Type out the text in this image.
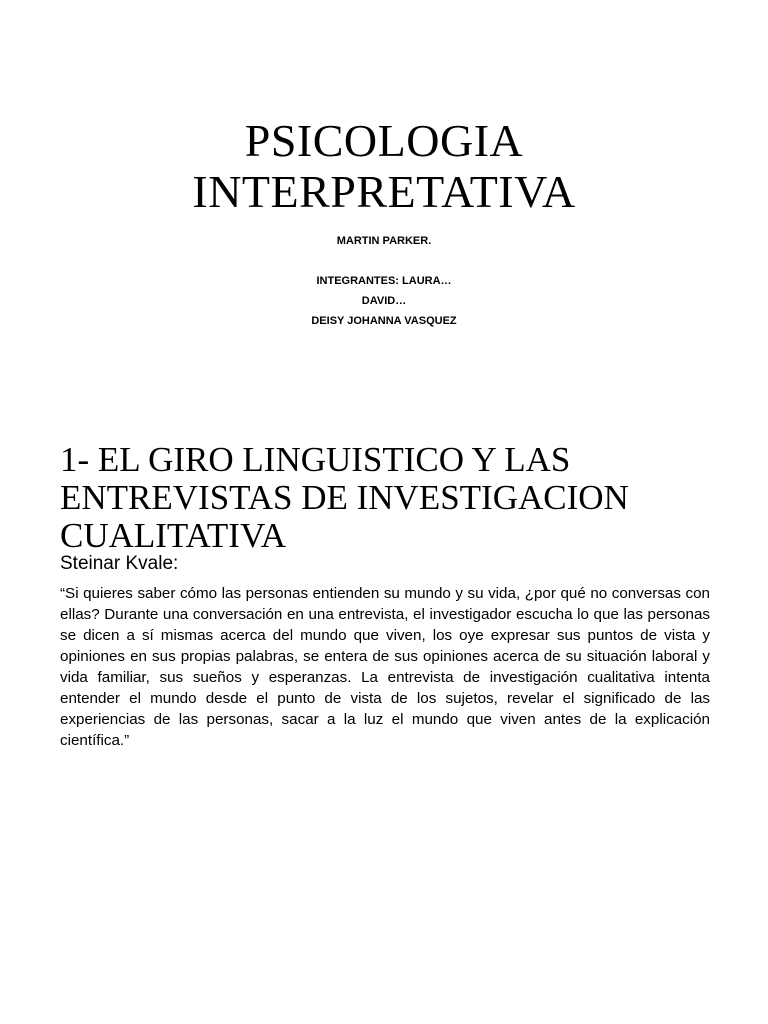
PSICOLOGIA
INTERPRETATIVA
MARTIN PARKER.
INTEGRANTES: LAURA…
DAVID…
DEISY JOHANNA VASQUEZ
1- EL GIRO LINGUISTICO Y LAS
ENTREVISTAS DE INVESTIGACION
CUALITATIVA
Steinar Kvale:

“Si quieres saber cómo las personas entienden su mundo y su vida, ¿por qué no conversas con ellas? Durante una conversación en una entrevista, el investigador escucha lo que las personas se dicen a sí mismas acerca del mundo que viven, los oye expresar sus puntos de vista y opiniones en sus propias palabras, se entera de sus opiniones acerca de su situación laboral y vida familiar, sus sueños y esperanzas. La entrevista de investigación cualitativa intenta entender el mundo desde el punto de vista de los sujetos, revelar el significado de las experiencias de las personas, sacar a la luz el mundo que viven antes de la explicación científica.”
